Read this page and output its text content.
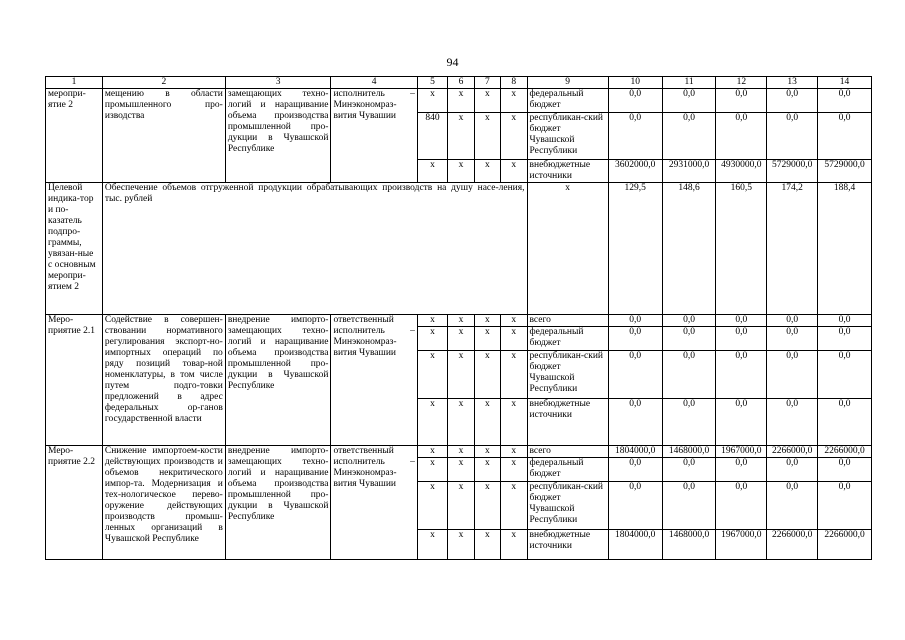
94
1	2	3	4	5	6	7	8	9	10	11	12	13	14
меропри-ятие 2	мещению в области промышленного про-изводства	замещающих техно-логий и наращивание объема производства промышленной про-дукции в Чувашской Республике	исполнитель – Минэкономраз-вития Чувашии	x	x	x	x	федеральный бюджет	0,0	0,0	0,0	0,0	0,0
				840	x	x	x	республикан-ский бюджет Чувашской Республики	0,0	0,0	0,0	0,0	0,0
				x	x	x	x	внебюджетные источники	3602000,0	2931000,0	4930000,0	5729000,0	5729000,0
Целевой индика-тор и по-казатель подпро-граммы, увязан-ные с основным меропри-ятием 2	Обеспечение объемов отгруженной продукции обрабатывающих производств на душу насе-ления, тыс. рублей							x	129,5	148,6	160,5	174,2	188,4
Меро-приятие 2.1	Содействие в совершен-ствовании нормативного регулирования экспорт-но-импортных операций по ряду позиций товар-ной номенклатуры, в том числе путем подго-товки предложений в адрес федеральных ор-ганов государственной власти	внедрение импорто-замещающих техно-логий и наращивание объема производства промышленной про-дукции в Чувашской Республике	ответственный исполнитель – Минэкономраз-вития Чувашии	x	x	x	x	всего	0,0	0,0	0,0	0,0	0,0
				x	x	x	x	федеральный бюджет	0,0	0,0	0,0	0,0	0,0
				x	x	x	x	республикан-ский бюджет Чувашской Республики	0,0	0,0	0,0	0,0	0,0
				x	x	x	x	внебюджетные источники	0,0	0,0	0,0	0,0	0,0
Меро-приятие 2.2	Снижение импортоем-кости действующих производств и объемов некритического импор-та. Модернизация и тех-нологическое перево-оружение действующих производств промыш-ленных организаций в Чувашской Республике	внедрение импорто-замещающих техно-логий и наращивание объема производства промышленной про-дукции в Чувашской Республике	ответственный исполнитель – Минэкономраз-вития Чувашии	x	x	x	x	всего	1804000,0	1468000,0	1967000,0	2266000,0	2266000,0
				x	x	x	x	федеральный бюджет	0,0	0,0	0,0	0,0	0,0
				x	x	x	x	республикан-ский бюджет Чувашской Республики	0,0	0,0	0,0	0,0	0,0
				x	x	x	x	внебюджетные источники	1804000,0	1468000,0	1967000,0	2266000,0	2266000,0
